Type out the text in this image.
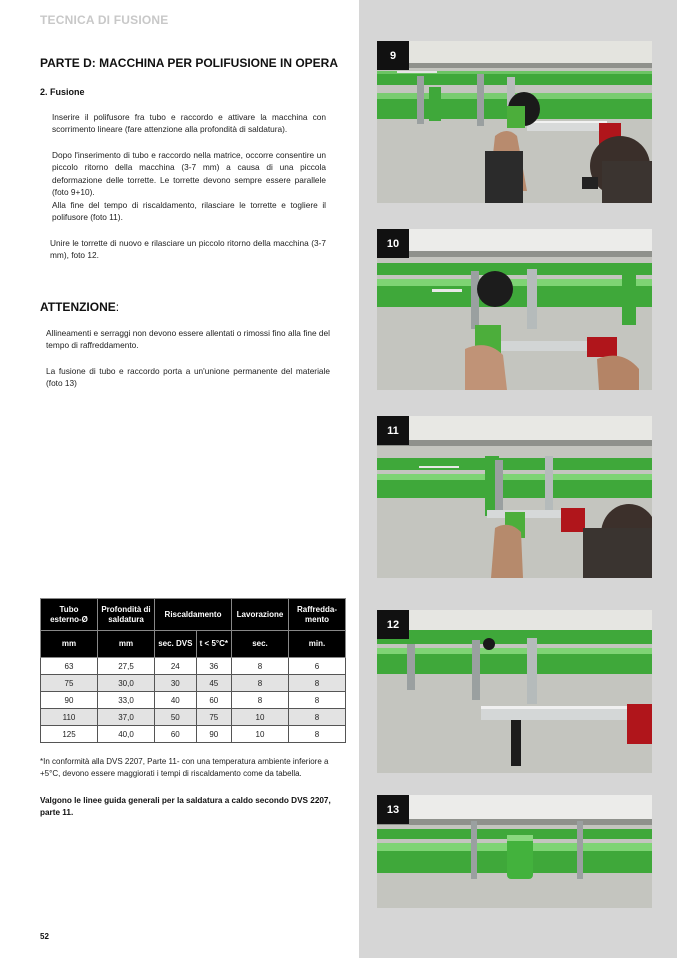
TECNICA DI FUSIONE
PARTE D: MACCHINA PER POLIFUSIONE IN OPERA
2. Fusione

Inserire il polifusore fra tubo e raccordo e attivare la macchina con scorrimento lineare (fare attenzione alla profondità di saldatura).

Dopo l'inserimento di tubo e raccordo nella matrice, occorre consentire un piccolo ritorno della macchina (3-7 mm) a causa di una piccola deformazione delle torrette. Le torrette devono sempre essere parallele (foto 9+10).

Alla fine del tempo di riscaldamento, rilasciare le torrette e togliere il polifusore (foto 11).

Unire le torrette di nuovo e rilasciare un piccolo ritorno della macchina (3-7 mm), foto 12.

ATTENZIONE:

Allineamenti e serraggi non devono essere allentati o rimossi fino alla fine del tempo di raffreddamento.

La fusione di tubo e raccordo porta a un'unione permanente del materiale (foto 13)

Tubo esterno-Ø	Profondità di saldatura	Riscaldamento		Lavorazione	Raffredda-mento
mm	mm	sec. DVS	t < 5°C*	sec.	min.
63	27,5	24	36	8	6
75	30,0	30	45	8	8
90	33,0	40	60	8	8
110	37,0	50	75	10	8
125	40,0	60	90	10	8

*In conformità alla DVS 2207, Parte 11- con una temperatura ambiente inferiore a +5°C, devono essere maggiorati i tempi di riscaldamento come da tabella.

Valgono le linee guida generali per la saldatura a caldo secondo DVS 2207, parte 11.

52
9
10
11
12
13
